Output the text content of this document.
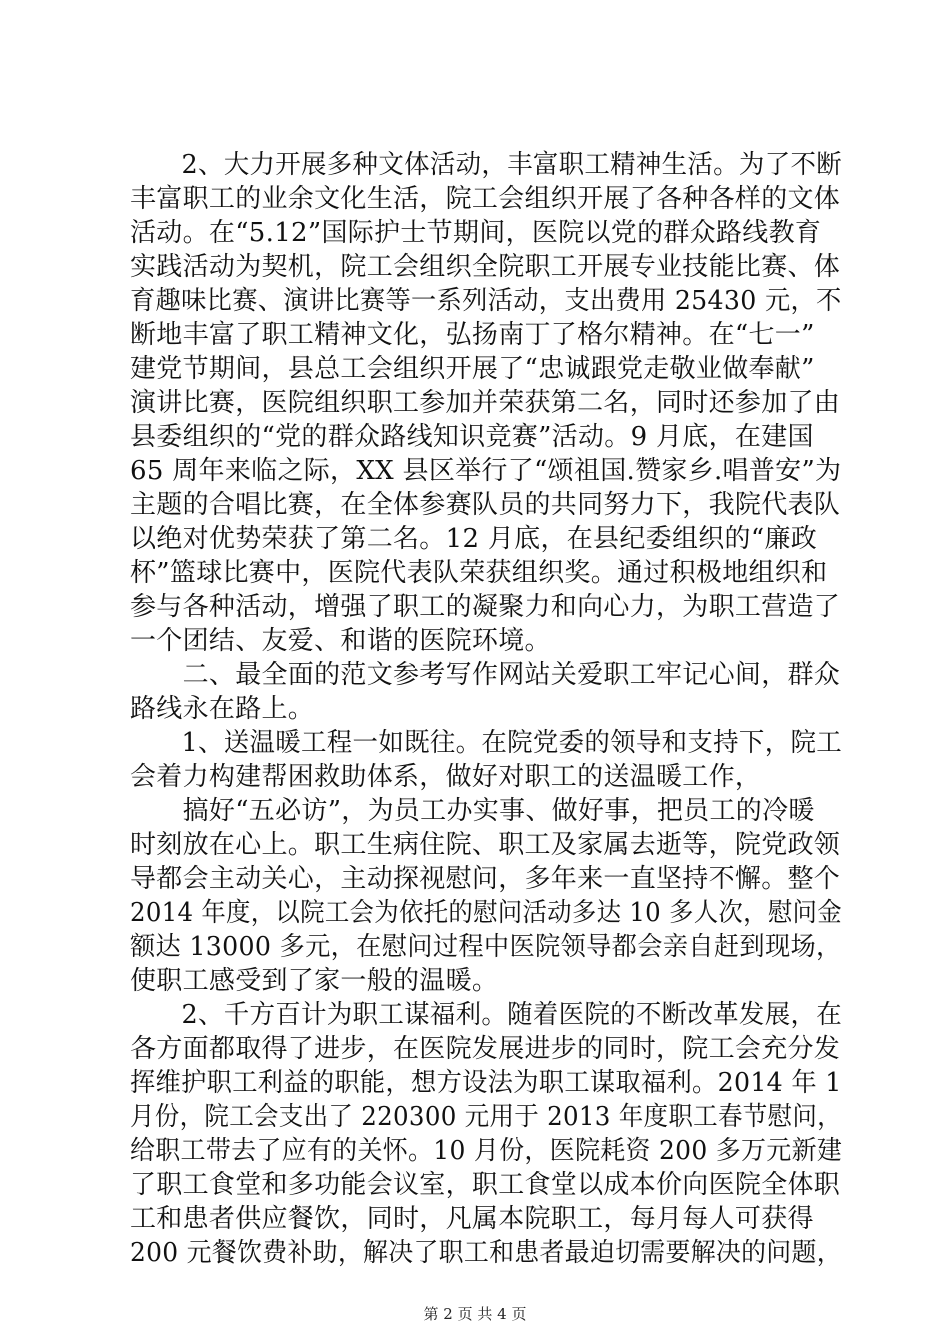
　　2、大力开展多种文体活动，丰富职工精神生活。为了不断
丰富职工的业余文化生活，院工会组织开展了各种各样的文体
活动。在“5.12”国际护士节期间，医院以党的群众路线教育
实践活动为契机，院工会组织全院职工开展专业技能比赛、体
育趣味比赛、演讲比赛等一系列活动，支出费用 25430 元，不
断地丰富了职工精神文化，弘扬南丁了格尔精神。在“七一”
建党节期间，县总工会组织开展了“忠诚跟党走敬业做奉献”
演讲比赛，医院组织职工参加并荣获第二名，同时还参加了由
县委组织的“党的群众路线知识竞赛”活动。9 月底，在建国
65 周年来临之际，XX 县区举行了“颂祖国.赞家乡.唱普安”为
主题的合唱比赛，在全体参赛队员的共同努力下，我院代表队
以绝对优势荣获了第二名。12 月底，在县纪委组织的“廉政
杯”篮球比赛中，医院代表队荣获组织奖。通过积极地组织和
参与各种活动，增强了职工的凝聚力和向心力，为职工营造了
一个团结、友爱、和谐的医院环境。
　　二、最全面的范文参考写作网站关爱职工牢记心间，群众
路线永在路上。
　　1、送温暖工程一如既往。在院党委的领导和支持下，院工
会着力构建帮困救助体系，做好对职工的送温暖工作，
　　搞好“五必访”，为员工办实事、做好事，把员工的冷暖
时刻放在心上。职工生病住院、职工及家属去逝等，院党政领
导都会主动关心，主动探视慰问，多年来一直坚持不懈。整个
2014 年度，以院工会为依托的慰问活动多达 10 多人次，慰问金
额达 13000 多元，在慰问过程中医院领导都会亲自赶到现场，
使职工感受到了家一般的温暖。
　　2、千方百计为职工谋福利。随着医院的不断改革发展，在
各方面都取得了进步，在医院发展进步的同时，院工会充分发
挥维护职工利益的职能，想方设法为职工谋取福利。2014 年 1
月份，院工会支出了 220300 元用于 2013 年度职工春节慰问，
给职工带去了应有的关怀。10 月份，医院耗资 200 多万元新建
了职工食堂和多功能会议室，职工食堂以成本价向医院全体职
工和患者供应餐饮，同时，凡属本院职工，每月每人可获得
200 元餐饮费补助，解决了职工和患者最迫切需要解决的问题，
第 2 页 共 4 页
